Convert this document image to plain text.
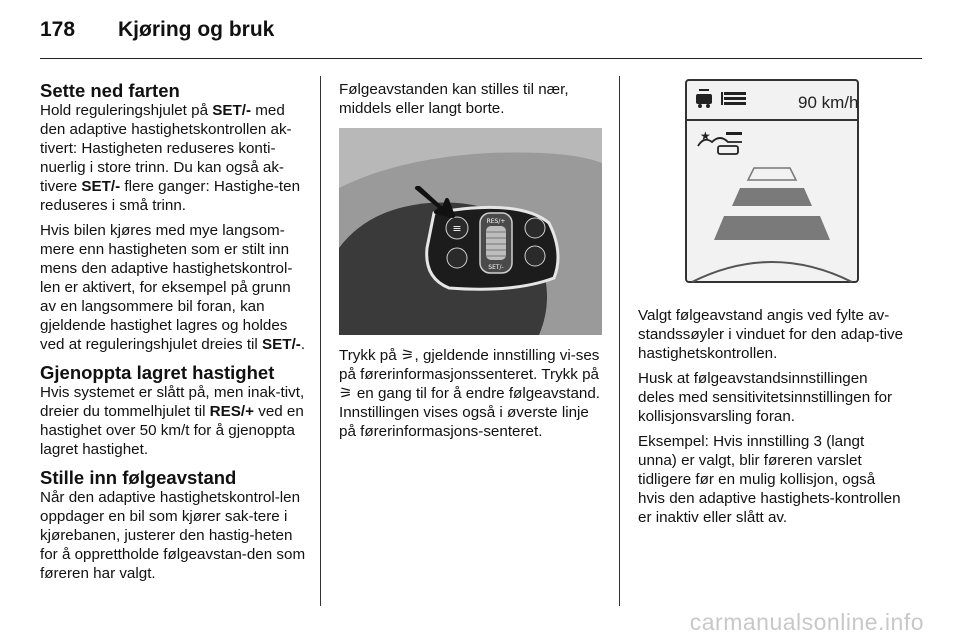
178 Kjøring og bruk
Sette ned farten

Hold reguleringshjulet på SET/- med den adaptive hastighetskontrollen ak-tivert: Hastigheten reduseres konti-nuerlig i store trinn. Du kan også ak-tivere SET/- flere ganger: Hastighe-ten reduseres i små trinn.

Hvis bilen kjøres med mye langsom-mere enn hastigheten som er stilt inn mens den adaptive hastighetskontrol-len er aktivert, for eksempel på grunn av en langsommere bil foran, kan gjeldende hastighet lagres og holdes ved at reguleringshjulet dreies til SET/-.

Gjenoppta lagret hastighet

Hvis systemet er slått på, men inak-tivt, dreier du tommelhjulet til RES/+ ved en hastighet over 50 km/t for å gjenoppta lagret hastighet.

Stille inn følgeavstand

Når den adaptive hastighetskontrol-len oppdager en bil som kjører sak-tere i kjørebanen, justerer den hastig-heten for å opprettholde følgeavstan-den som føreren har valgt.

Følgeavstanden kan stilles til nær, middels eller langt borte.

≡
RES/+
SET/-

Trykk på ⚞, gjeldende innstilling vi-ses på førerinformasjonssenteret. Trykk på ⚞ en gang til for å endre følgeavstand. Innstillingen vises også i øverste linje på førerinformasjons-senteret.

90 km/h
★

Valgt følgeavstand angis ved fylte av-standssøyler i vinduet for den adap-tive hastighetskontrollen.

Husk at følgeavstandsinnstillingen deles med sensitivitetsinnstillingen for kollisjonsvarsling foran.

Eksempel: Hvis innstilling 3 (langt unna) er valgt, blir føreren varslet tidligere før en mulig kollisjon, også hvis den adaptive hastighets-kontrollen er inaktiv eller slått av.

carmanualsonline.info
